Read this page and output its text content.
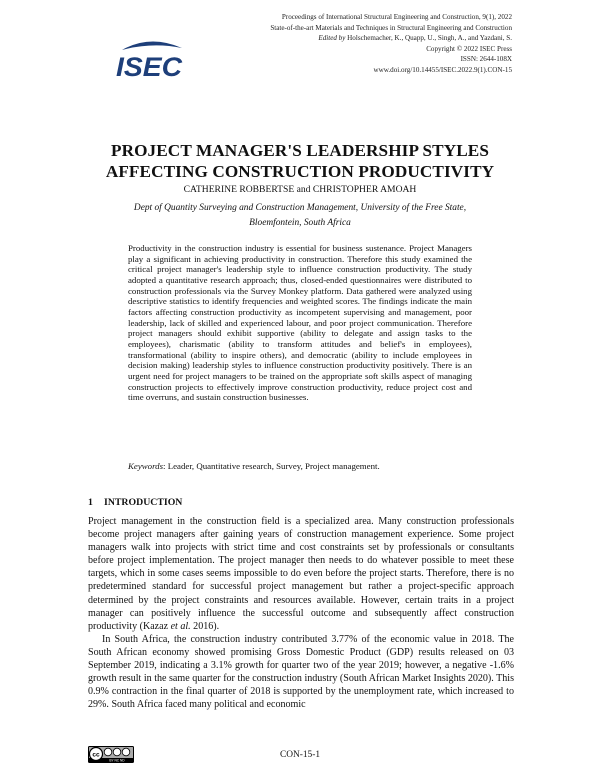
ISEC
Proceedings of International Structural Engineering and Construction, 9(1), 2022
State-of-the-art Materials and Techniques in Structural Engineering and Construction
Edited by Holschemacher, K., Quapp, U., Singh, A., and Yazdani, S.
Copyright © 2022 ISEC Press
ISSN: 2644-108X
www.doi.org/10.14455/ISEC.2022.9(1).CON-15
PROJECT MANAGER'S LEADERSHIP STYLES
AFFECTING CONSTRUCTION PRODUCTIVITY
CATHERINE ROBBERTSE and CHRISTOPHER AMOAH
Dept of Quantity Surveying and Construction Management, University of the Free State,
Bloemfontein, South Africa
Productivity in the construction industry is essential for business sustenance. Project Managers play a significant in achieving productivity in construction. Therefore this study examined the critical project manager's leadership style to influence construction productivity. The study adopted a quantitative research approach; thus, closed-ended questionnaires were distributed to construction professionals via the Survey Monkey platform. Data gathered were analyzed using descriptive statistics to identify frequencies and weighted scores. The findings indicate the main factors affecting construction productivity as incompetent supervising and management, poor leadership, lack of skilled and experienced labour, and poor project communication. Therefore project managers should exhibit supportive (ability to delegate and assign tasks to the employees), charismatic (ability to transform attitudes and belief's in employees), transformational (ability to inspire others), and democratic (ability to include employees in decision making) leadership styles to influence construction productivity positively. There is an urgent need for project managers to be trained on the appropriate soft skills aspect of managing construction projects to effectively improve construction productivity, reduce project cost and time overruns, and sustain construction businesses.
Keywords: Leader, Quantitative research, Survey, Project management.
1 INTRODUCTION

Project management in the construction field is a specialized area. Many construction professionals become project managers after gaining years of construction management experience. Some project managers walk into projects with strict time and cost constraints set by professionals or consultants before project implementation. The project manager then needs to do whatever possible to meet these targets, which in some cases seems impossible to do even before the project starts. Therefore, there is no predetermined standard for successful project management but rather a project-specific approach determined by the project constraints and resources available. However, certain traits in a project manager can positively influence the successful outcome and subsequently affect construction productivity (Kazaz et al. 2016).

In South Africa, the construction industry contributed 3.77% of the economic value in 2018. The South African economy showed promising Gross Domestic Product (GDP) results released on 03 September 2019, indicating a 3.1% growth for quarter two of the year 2019; however, a negative -1.6% growth result in the same quarter for the construction industry (South African Market Insights 2020). This 0.9% contraction in the final quarter of 2018 is supported by the unemployment rate, which increased to 29%. South Africa faced many political and economic

cc
BY NC ND
CON-15-1
